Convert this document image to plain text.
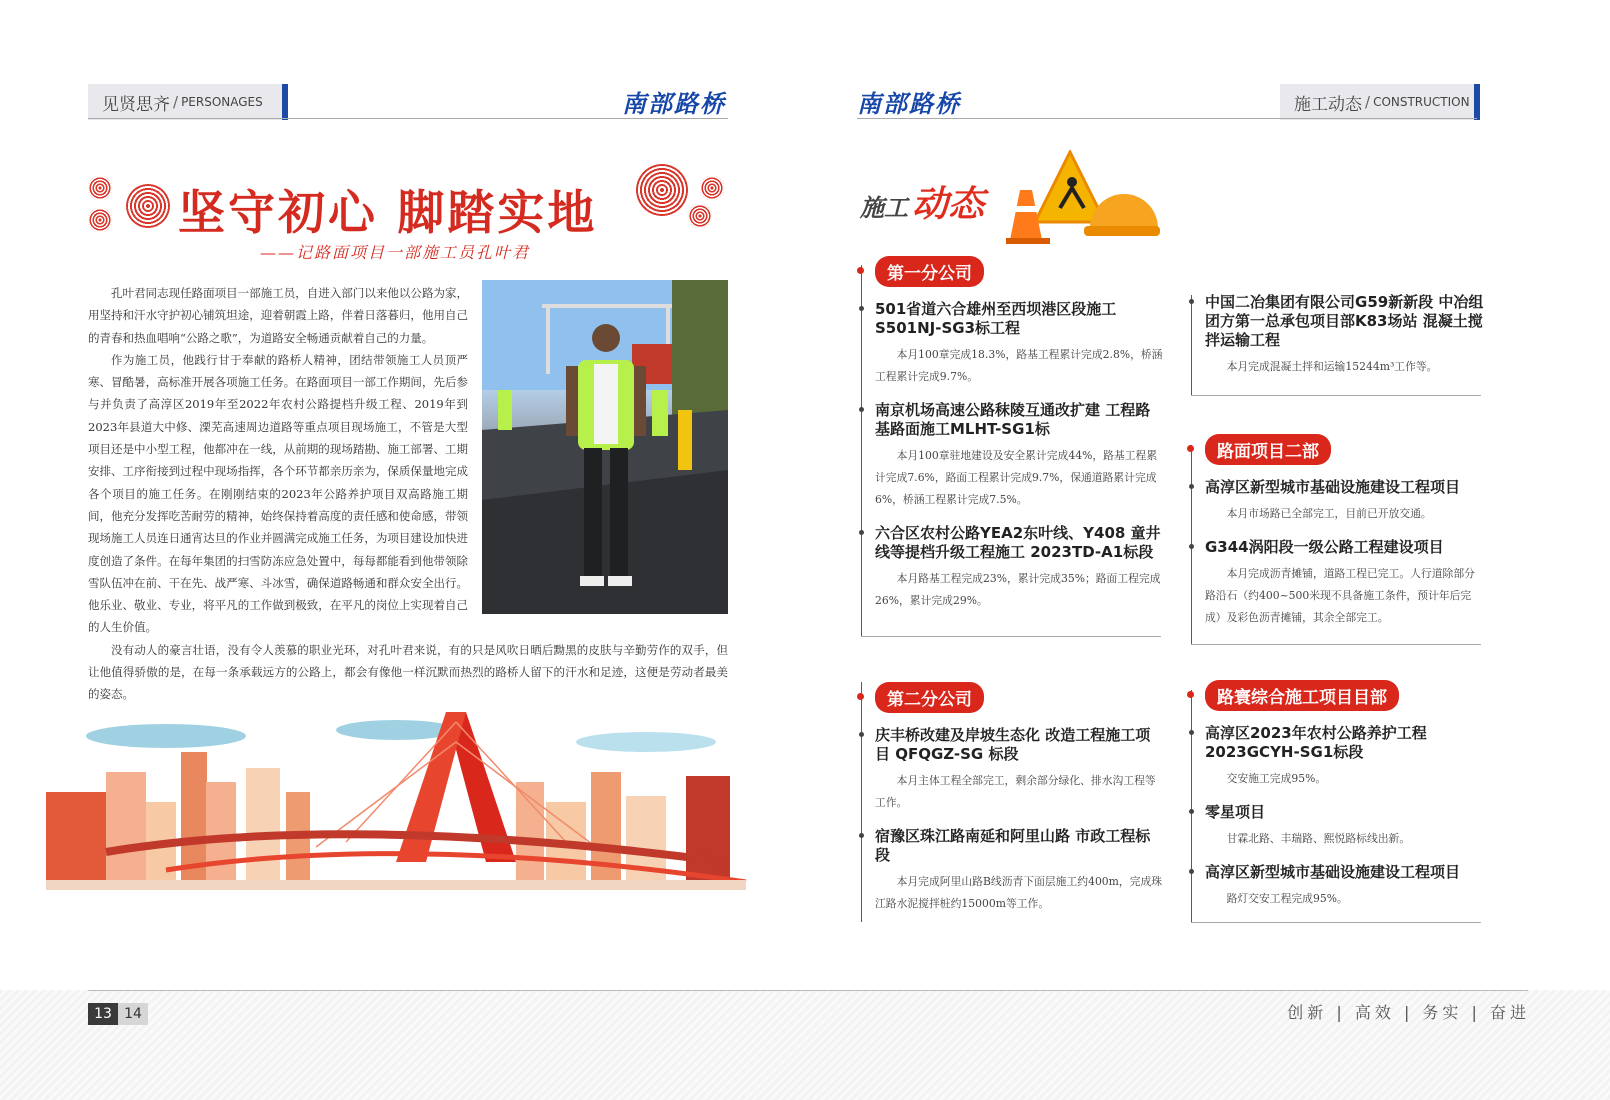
见贤思齐 / PERSONAGES	南部路桥
坚守初心 脚踏实地
——记路面项目一部施工员孔叶君

孔叶君同志现任路面项目一部施工员，自进入部门以来他以公路为家，用坚持和汗水守护初心铺筑坦途，迎着朝霞上路，伴着日落暮归，他用自己的青春和热血唱响“公路之歌”，为道路安全畅通贡献着自己的力量。

作为施工员，他践行甘于奉献的路桥人精神，团结带领施工人员顶严寒、冒酷暑，高标准开展各项施工任务。在路面项目一部工作期间，先后参与并负责了高淳区2019年至2022年农村公路提档升级工程、2019年到2023年县道大中修、溧芜高速周边道路等重点项目现场施工，不管是大型项目还是中小型工程，他都冲在一线，从前期的现场踏勘、施工部署、工期安排、工序衔接到过程中现场指挥，各个环节都亲历亲为，保质保量地完成各个项目的施工任务。在刚刚结束的2023年公路养护项目双高路施工期间，他充分发挥吃苦耐劳的精神，始终保持着高度的责任感和使命感，带领现场施工人员连日通宵达旦的作业并圆满完成施工任务，为项目建设加快进度创造了条件。在每年集团的扫雪防冻应急处置中，每每都能看到他带领除雪队伍冲在前、干在先、战严寒、斗冰雪，确保道路畅通和群众安全出行。他乐业、敬业、专业，将平凡的工作做到极致，在平凡的岗位上实现着自己的人生价值。

没有动人的豪言壮语，没有令人羡慕的职业光环，对孔叶君来说，有的只是风吹日晒后黝黑的皮肤与辛勤劳作的双手，但让他值得骄傲的是，在每一条承载远方的公路上，都会有像他一样沉默而热烈的路桥人留下的汗水和足迹，这便是劳动者最美的姿态。

南部路桥	施工动态 / CONSTRUCTION
施工 动态
第一分公司
501省道六合雄州至西坝港区段施工 S501NJ-SG3标工程
本月100章完成18.3%，路基工程累计完成2.8%，桥涵工程累计完成9.7%。
南京机场高速公路秣陵互通改扩建 工程路基路面施工MLHT-SG1标
本月100章驻地建设及安全累计完成44%，路基工程累计完成7.6%，路面工程累计完成9.7%，保通道路累计完成6%，桥涵工程累计完成7.5%。
六合区农村公路YEA2东叶线、Y408 童井线等提档升级工程施工 2023TD-A1标段
本月路基工程完成23%，累计完成35%；路面工程完成26%，累计完成29%。
第二分公司
庆丰桥改建及岸坡生态化 改造工程施工项目 QFQGZ-SG 标段
本月主体工程全部完工，剩余部分绿化、排水沟工程等工作。
宿豫区珠江路南延和阿里山路 市政工程标段
本月完成阿里山路B线沥青下面层施工约400m，完成珠江路水泥搅拌桩约15000m等工作。
中国二冶集团有限公司G59新新段 中冶组团方第一总承包项目部K83场站 混凝土搅拌运输工程
本月完成混凝土拌和运输15244m³工作等。
路面项目二部
高淳区新型城市基础设施建设工程项目
本月市场路已全部完工，目前已开放交通。
G344涡阳段一级公路工程建设项目
本月完成沥青摊铺，道路工程已完工。人行道除部分路沿石（约400~500米现不具备施工条件，预计年后完成）及彩色沥青摊铺，其余全部完工。
路寰综合施工项目目部
高淳区2023年农村公路养护工程 2023GCYH-SG1标段
交安施工完成95%。
零星项目
甘霖北路、丰瑞路、熙悦路标线出新。
高淳区新型城市基础设施建设工程项目
路灯交安工程完成95%。
13 14	创新 | 高效 | 务实 | 奋进
